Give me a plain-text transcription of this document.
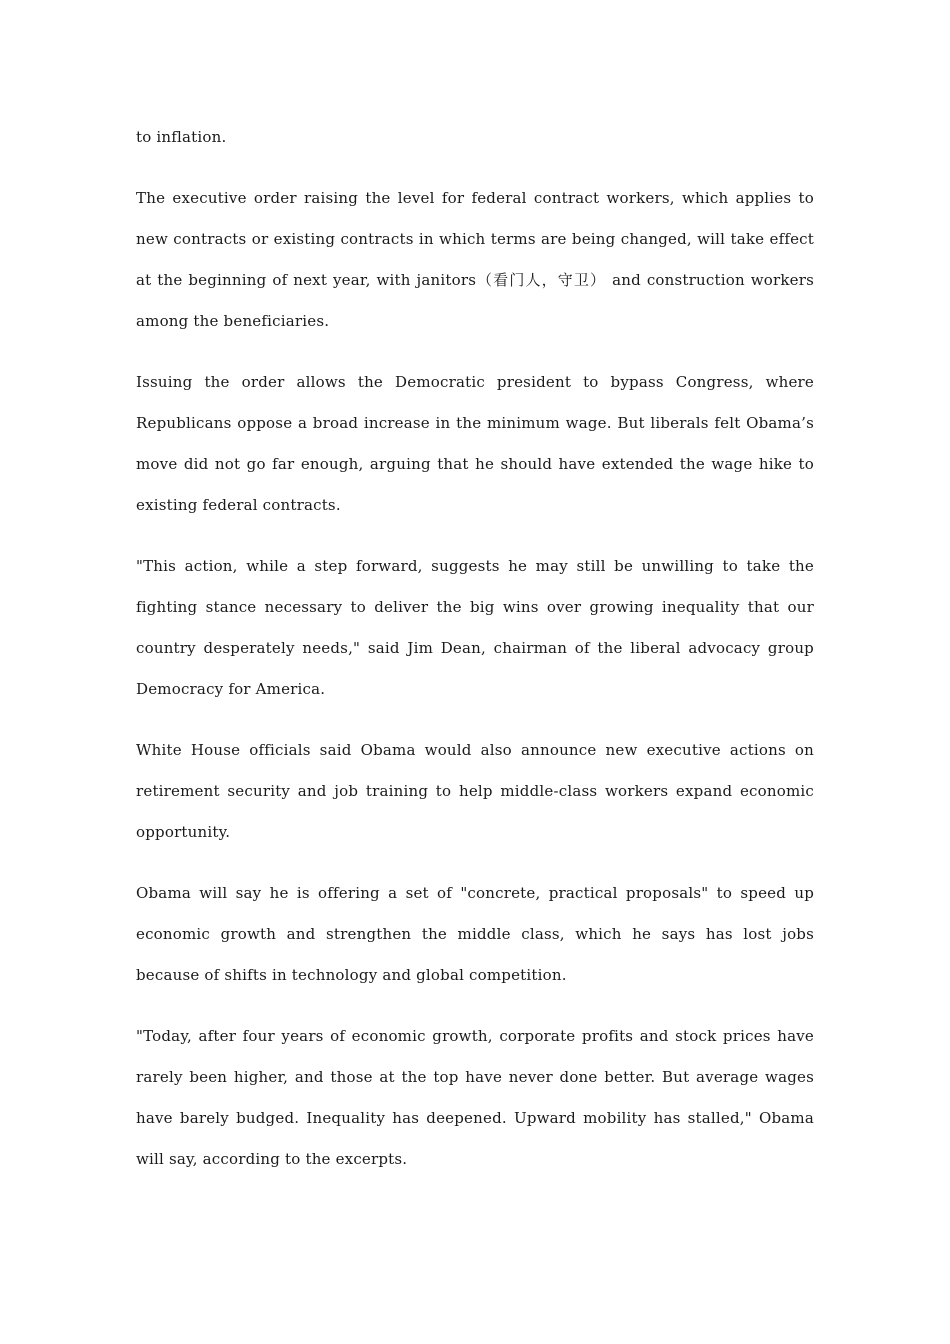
to inflation.

The executive order raising the level for federal contract workers, which applies to new contracts or existing contracts in which terms are being changed, will take effect at the beginning of next year, with janitors（看门人，守卫） and construction workers among the beneficiaries.

Issuing the order allows the Democratic president to bypass Congress, where Republicans oppose a broad increase in the minimum wage. But liberals felt Obama’s move did not go far enough, arguing that he should have extended the wage hike to existing federal contracts.

"This action, while a step forward, suggests he may still be unwilling to take the fighting stance necessary to deliver the big wins over growing inequality that our country desperately needs," said Jim Dean, chairman of the liberal advocacy group Democracy for America.

White House officials said Obama would also announce new executive actions on retirement security and job training to help middle-class workers expand economic opportunity.

Obama will say he is offering a set of "concrete, practical proposals" to speed up economic growth and strengthen the middle class, which he says has lost jobs because of shifts in technology and global competition.

"Today, after four years of economic growth, corporate profits and stock prices have rarely been higher, and those at the top have never done better. But average wages have barely budged. Inequality has deepened. Upward mobility has stalled," Obama will say, according to the excerpts.
